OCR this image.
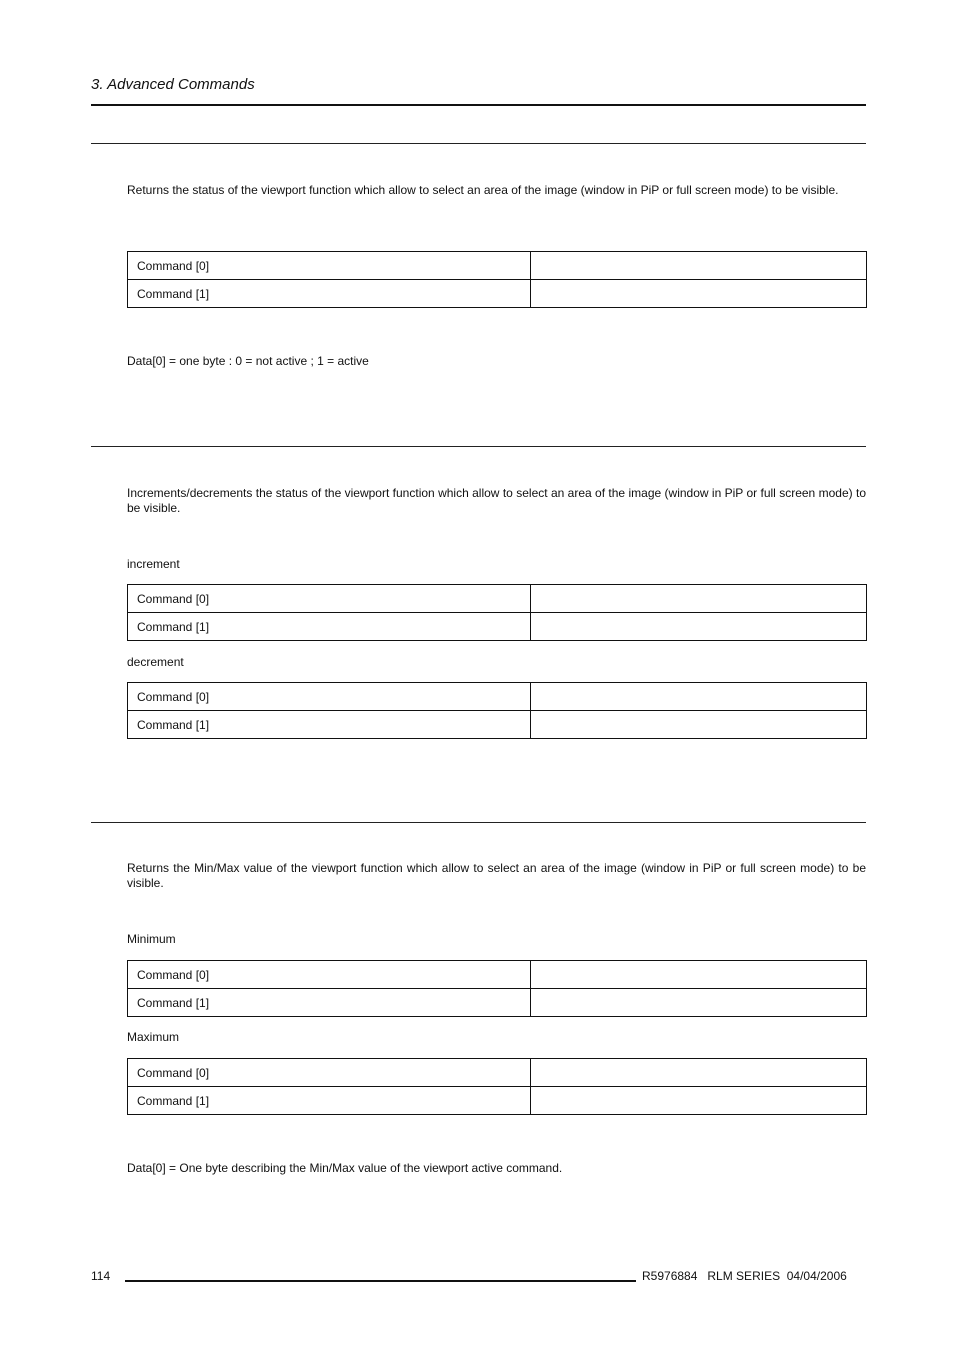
3. Advanced Commands
Returns the status of the viewport function which allow to select an area of the image (window in PiP or full screen mode) to be visible.
Command [0]	
Command [1]	
Data[0] = one byte : 0 = not active ; 1 = active
Increments/decrements the status of the viewport function which allow to select an area of the image (window in PiP or full screen mode) to be visible.
increment
Command [0]	
Command [1]	
decrement
Command [0]	
Command [1]	
Returns the Min/Max value of the viewport function which allow to select an area of the image (window in PiP or full screen mode) to be visible.
Minimum
Command [0]	
Command [1]	
Maximum
Command [0]	
Command [1]	
Data[0] = One byte describing the Min/Max value of the viewport active command.
114	R5976884   RLM SERIES  04/04/2006
